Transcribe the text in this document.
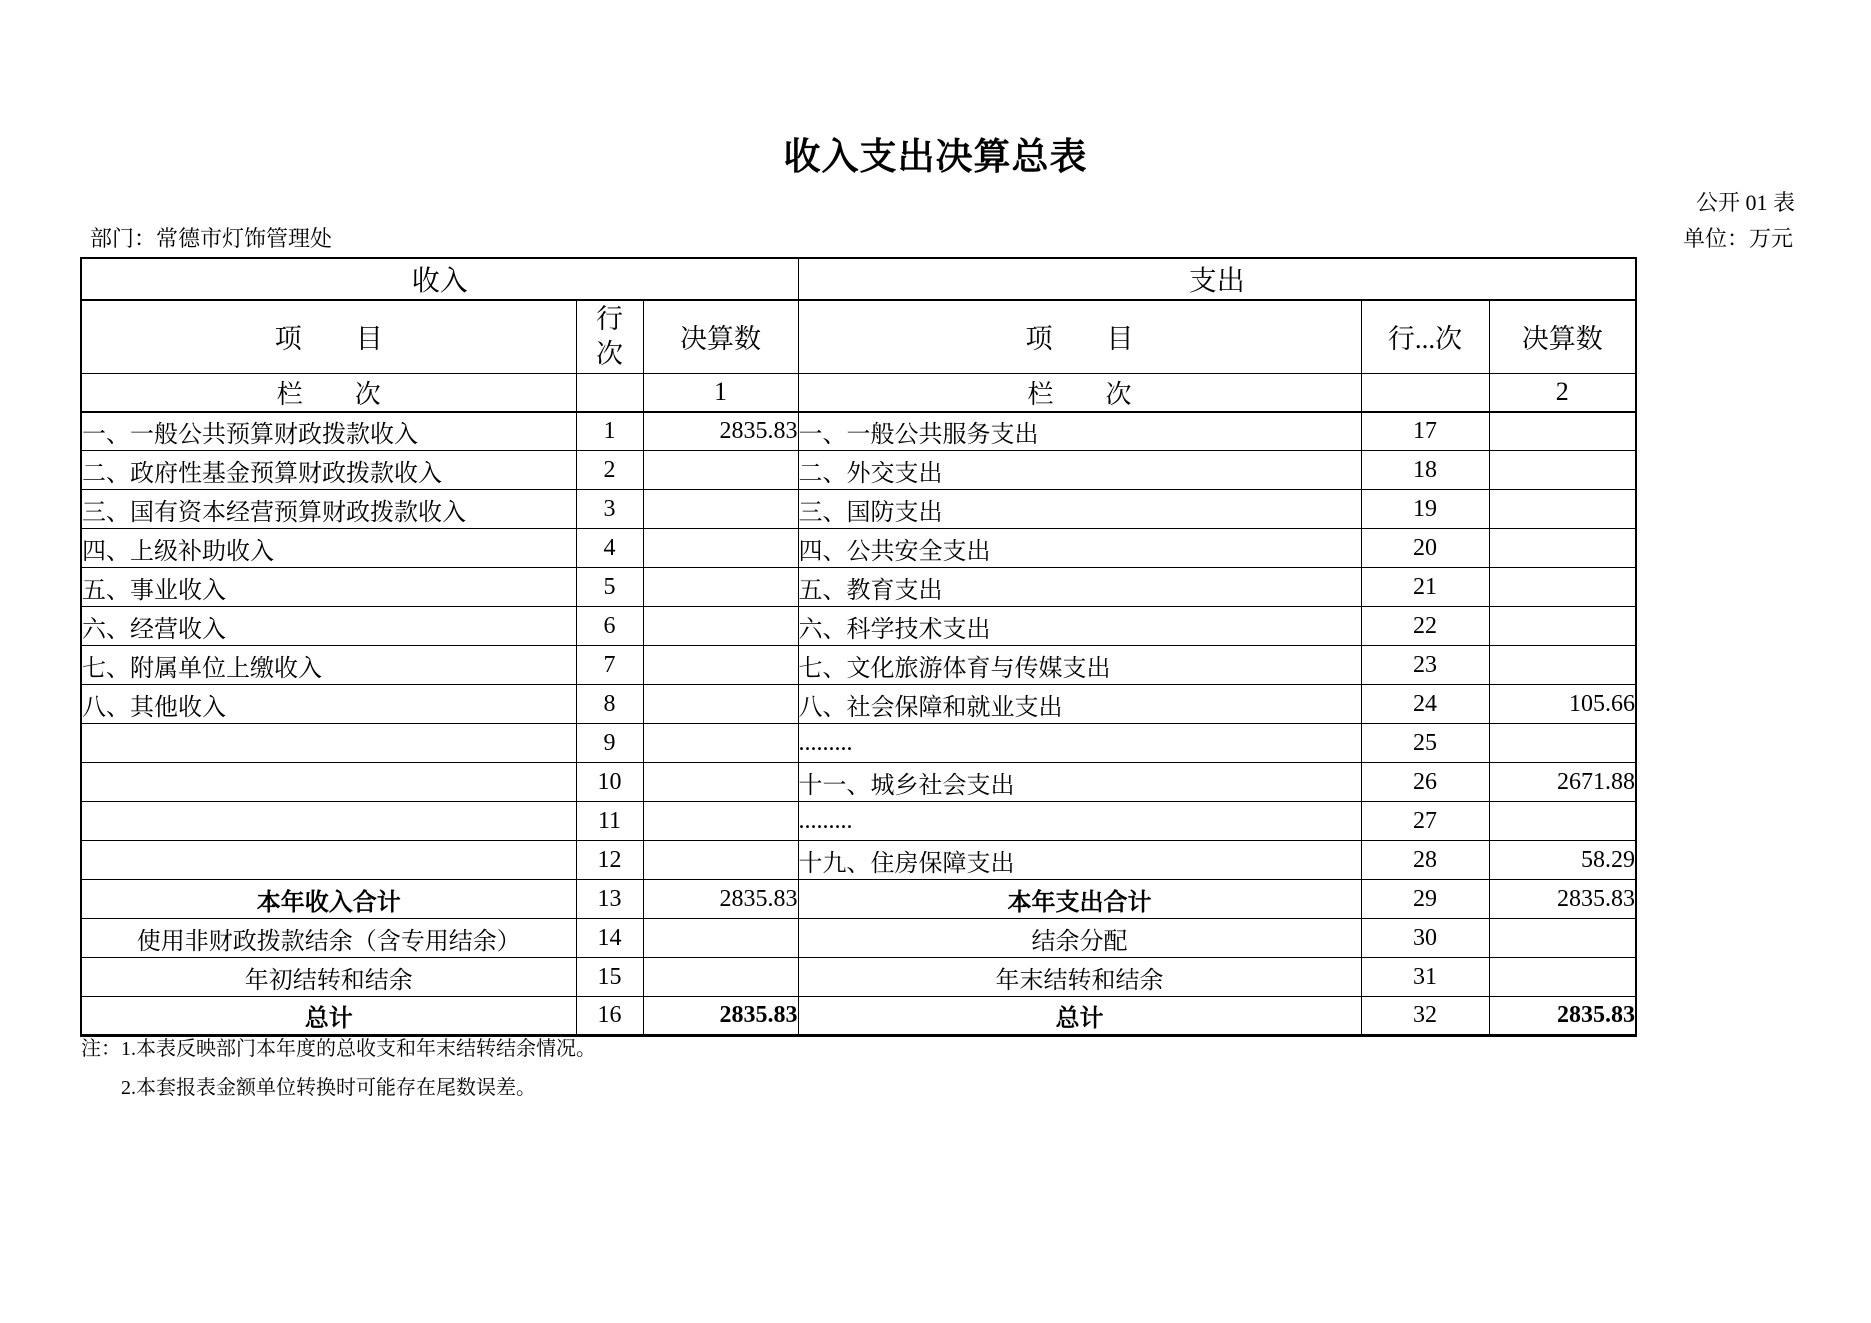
收入支出决算总表
公开 01 表
部门：常德市灯饰管理处	单位：万元
收入			支出		
项　　目	行次	决算数	项　　目	行...次	决算数
栏　　次		1	栏　　次		2
一、一般公共预算财政拨款收入	1	2835.83	一、一般公共服务支出	17	
二、政府性基金预算财政拨款收入	2		二、外交支出	18	
三、国有资本经营预算财政拨款收入	3		三、国防支出	19	
四、上级补助收入	4		四、公共安全支出	20	
五、事业收入	5		五、教育支出	21	
六、经营收入	6		六、科学技术支出	22	
七、附属单位上缴收入	7		七、文化旅游体育与传媒支出	23	
八、其他收入	8		八、社会保障和就业支出	24	105.66
	9		.........	25	
	10		十一、城乡社会支出	26	2671.88
	11		.........	27	
	12		十九、住房保障支出	28	58.29
本年收入合计	13	2835.83	本年支出合计	29	2835.83
使用非财政拨款结余（含专用结余）	14		结余分配	30	
年初结转和结余	15		年末结转和结余	31	
总计	16	2835.83	总计	32	2835.83
注：1.本表反映部门本年度的总收支和年末结转结余情况。
2.本套报表金额单位转换时可能存在尾数误差。
